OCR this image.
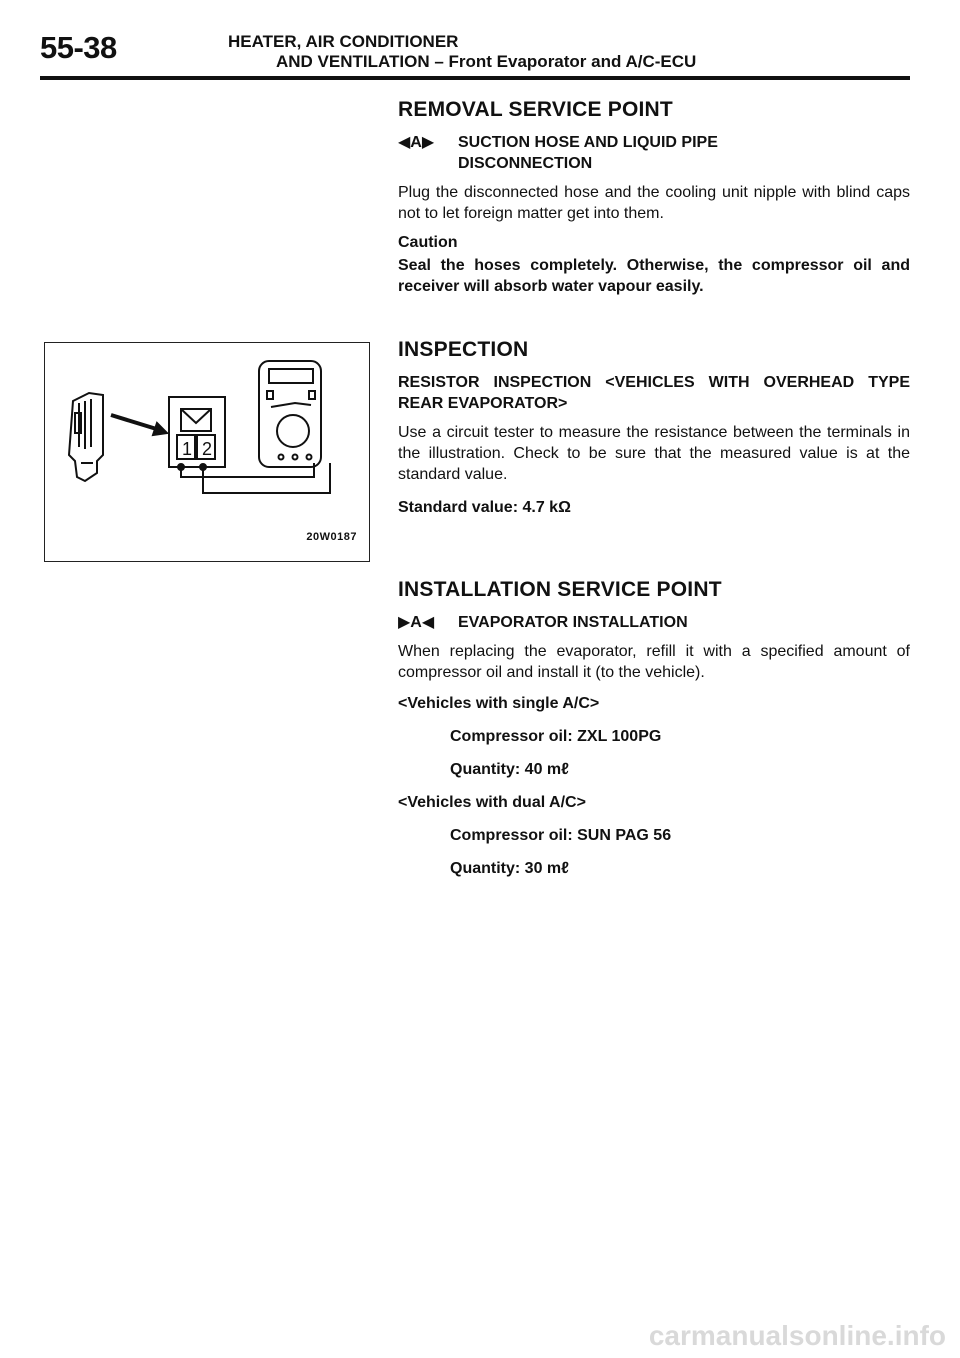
55-38	HEATER, AIR CONDITIONER
AND VENTILATION – Front Evaporator and A/C-ECU
REMOVAL SERVICE POINT
◀A▶ SUCTION HOSE AND LIQUID PIPE
DISCONNECTION

Plug the disconnected hose and the cooling unit nipple with blind caps not to let foreign matter get into them.

Caution

Seal the hoses completely. Otherwise, the compressor oil and receiver will absorb water vapour easily.

INSPECTION

RESISTOR INSPECTION <VEHICLES WITH OVERHEAD TYPE REAR EVAPORATOR>

Use a circuit tester to measure the resistance between the terminals in the illustration. Check to be sure that the measured value is at the standard value.

Standard value: 4.7 kΩ

1 2
20W0187
INSTALLATION SERVICE POINT
▶A◀ EVAPORATOR INSTALLATION

When replacing the evaporator, refill it with a specified amount of compressor oil and install it (to the vehicle).

<Vehicles with single A/C>

Compressor oil: ZXL 100PG

Quantity: 40 mℓ

<Vehicles with dual A/C>

Compressor oil: SUN PAG 56

Quantity: 30 mℓ

carmanualsonline.info
